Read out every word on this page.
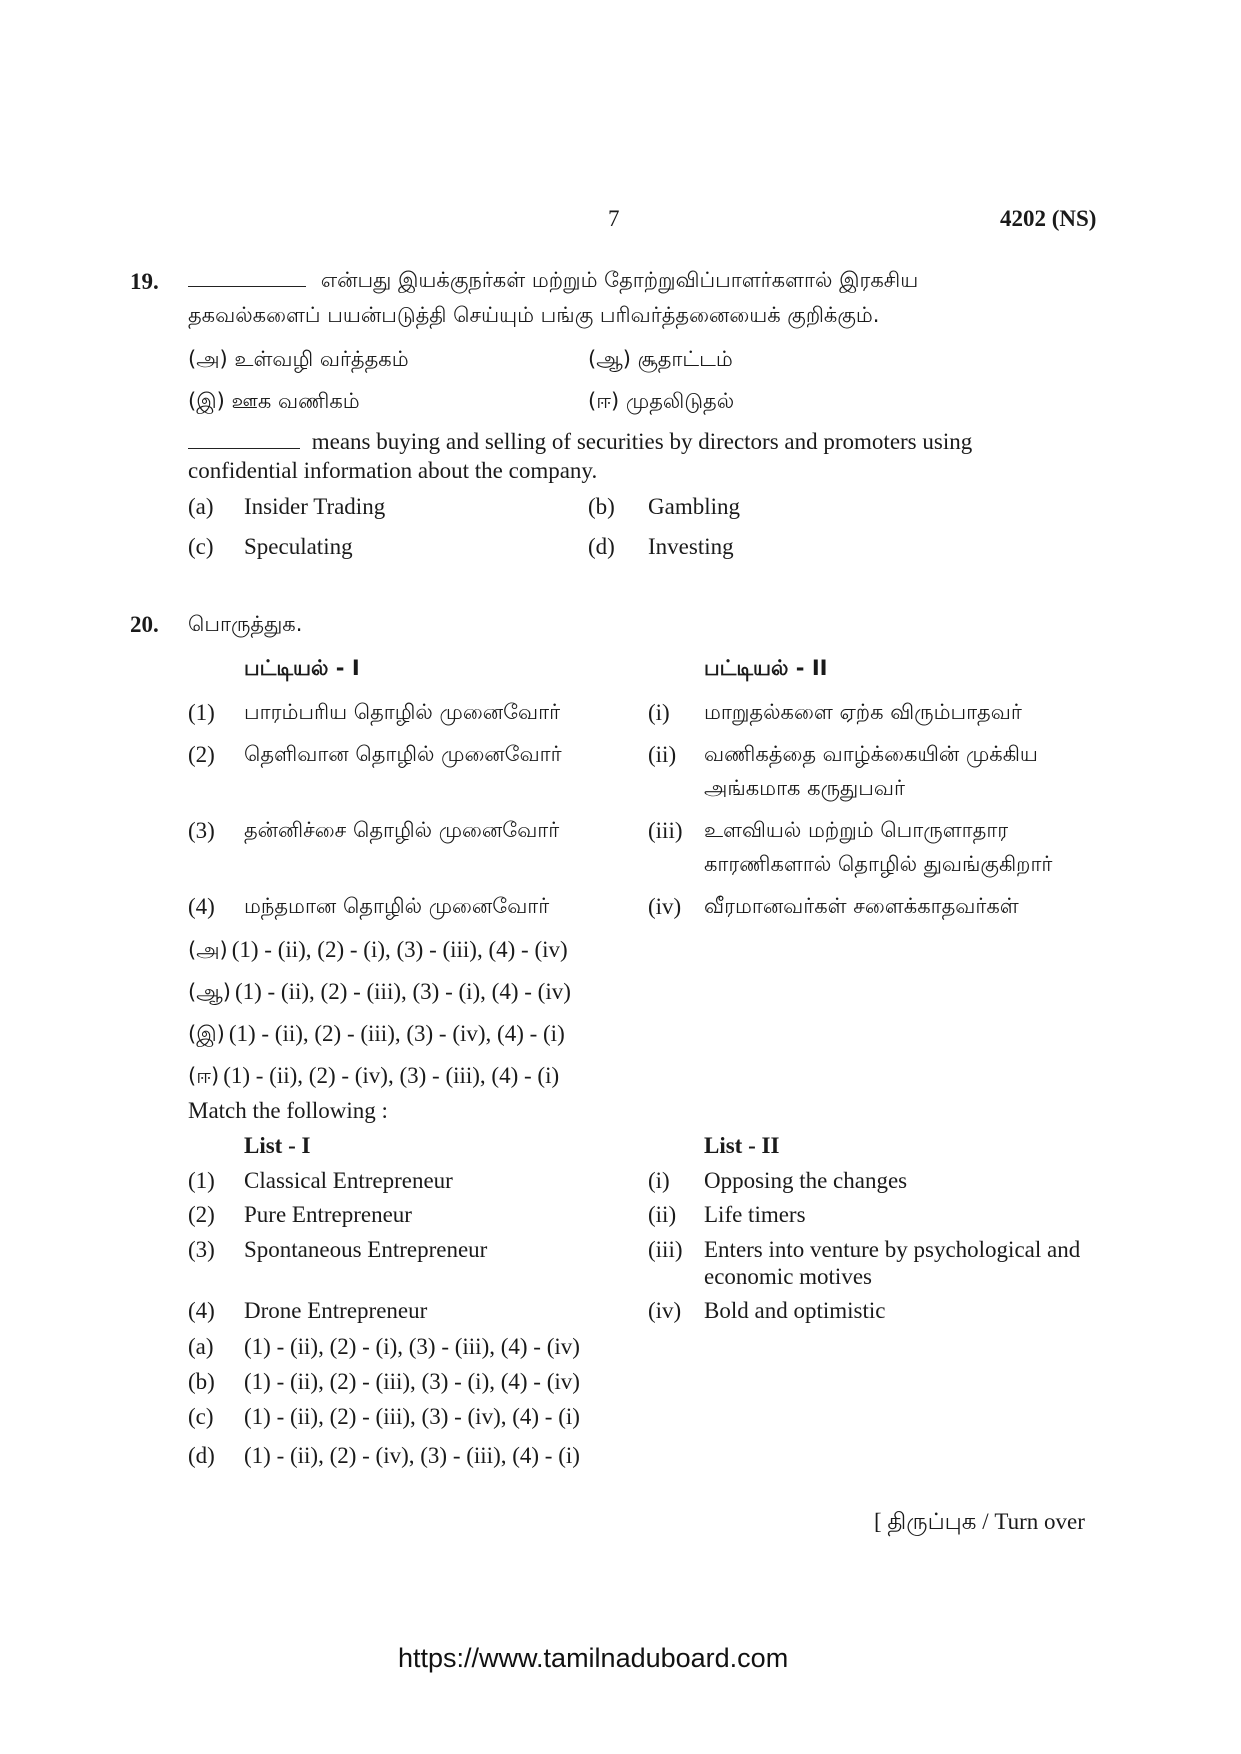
7	4202 (NS)
19.	என்பது இயக்குநர்கள் மற்றும் தோற்றுவிப்பாளர்களால் இரகசிய
தகவல்களைப் பயன்படுத்தி செய்யும் பங்கு பரிவர்த்தனையைக் குறிக்கும்.
(அ) உள்வழி வர்த்தகம்	(ஆ) சூதாட்டம்
(இ) ஊக வணிகம்	(ஈ) முதலிடுதல்
means buying and selling of securities by directors and promoters using
confidential information about the company.
(a) Insider Trading	(b) Gambling
(c) Speculating	(d) Investing
20. பொருத்துக.
பட்டியல் - I	பட்டியல் - II
(1) பாரம்பரிய தொழில் முனைவோர்	(i) மாறுதல்களை ஏற்க விரும்பாதவர்
(2) தெளிவான தொழில் முனைவோர்	(ii) வணிகத்தை வாழ்க்கையின் முக்கிய
அங்கமாக கருதுபவர்
(3) தன்னிச்சை தொழில் முனைவோர்	(iii) உளவியல் மற்றும் பொருளாதார
காரணிகளால் தொழில் துவங்குகிறார்
(4) மந்தமான தொழில் முனைவோர்	(iv) வீரமானவர்கள் சளைக்காதவர்கள்
(அ) (1) - (ii), (2) - (i), (3) - (iii), (4) - (iv)
(ஆ) (1) - (ii), (2) - (iii), (3) - (i), (4) - (iv)
(இ) (1) - (ii), (2) - (iii), (3) - (iv), (4) - (i)
(ஈ) (1) - (ii), (2) - (iv), (3) - (iii), (4) - (i)
Match the following :
List - I	List - II
(1) Classical Entrepreneur	(i) Opposing the changes
(2) Pure Entrepreneur	(ii) Life timers
(3) Spontaneous Entrepreneur	(iii) Enters into venture by psychological and
economic motives
(4) Drone Entrepreneur	(iv) Bold and optimistic
(a) (1) - (ii), (2) - (i), (3) - (iii), (4) - (iv)
(b) (1) - (ii), (2) - (iii), (3) - (i), (4) - (iv)
(c) (1) - (ii), (2) - (iii), (3) - (iv), (4) - (i)
(d) (1) - (ii), (2) - (iv), (3) - (iii), (4) - (i)
[ திருப்புக / Turn over
https://www.tamilnaduboard.com
